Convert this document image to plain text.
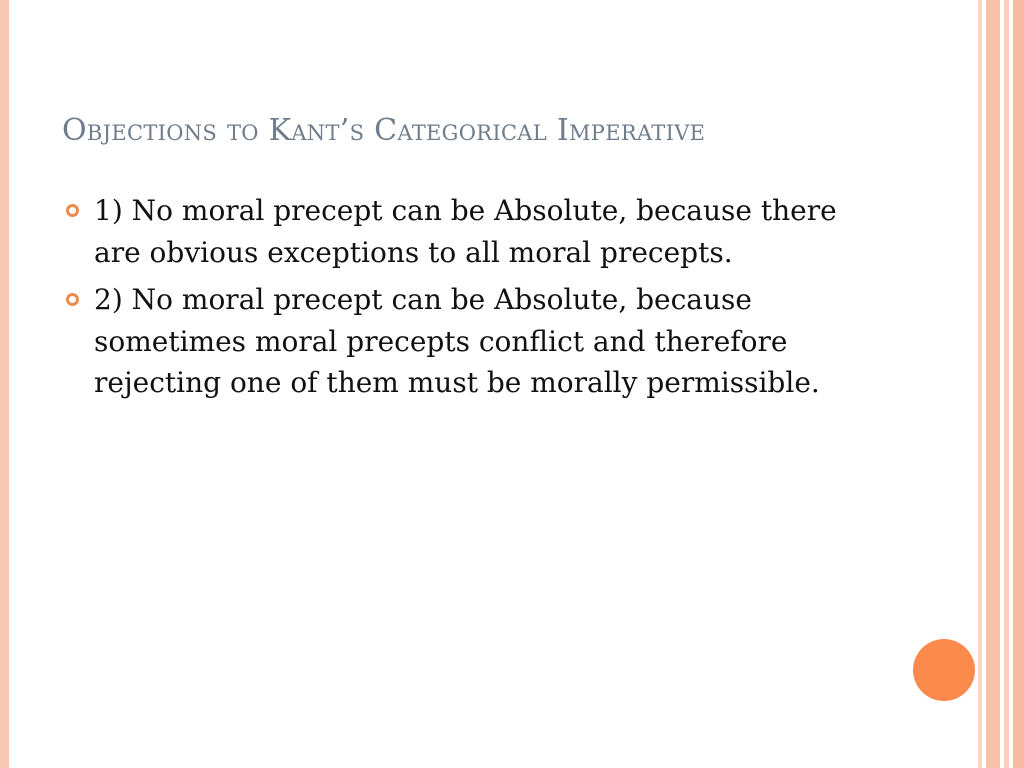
Objections to Kant’s Categorical Imperative
1) No moral precept can be Absolute, because there are obvious exceptions to all moral precepts.
2) No moral precept can be Absolute, because sometimes moral precepts conflict and therefore rejecting one of them must be morally permissible.
